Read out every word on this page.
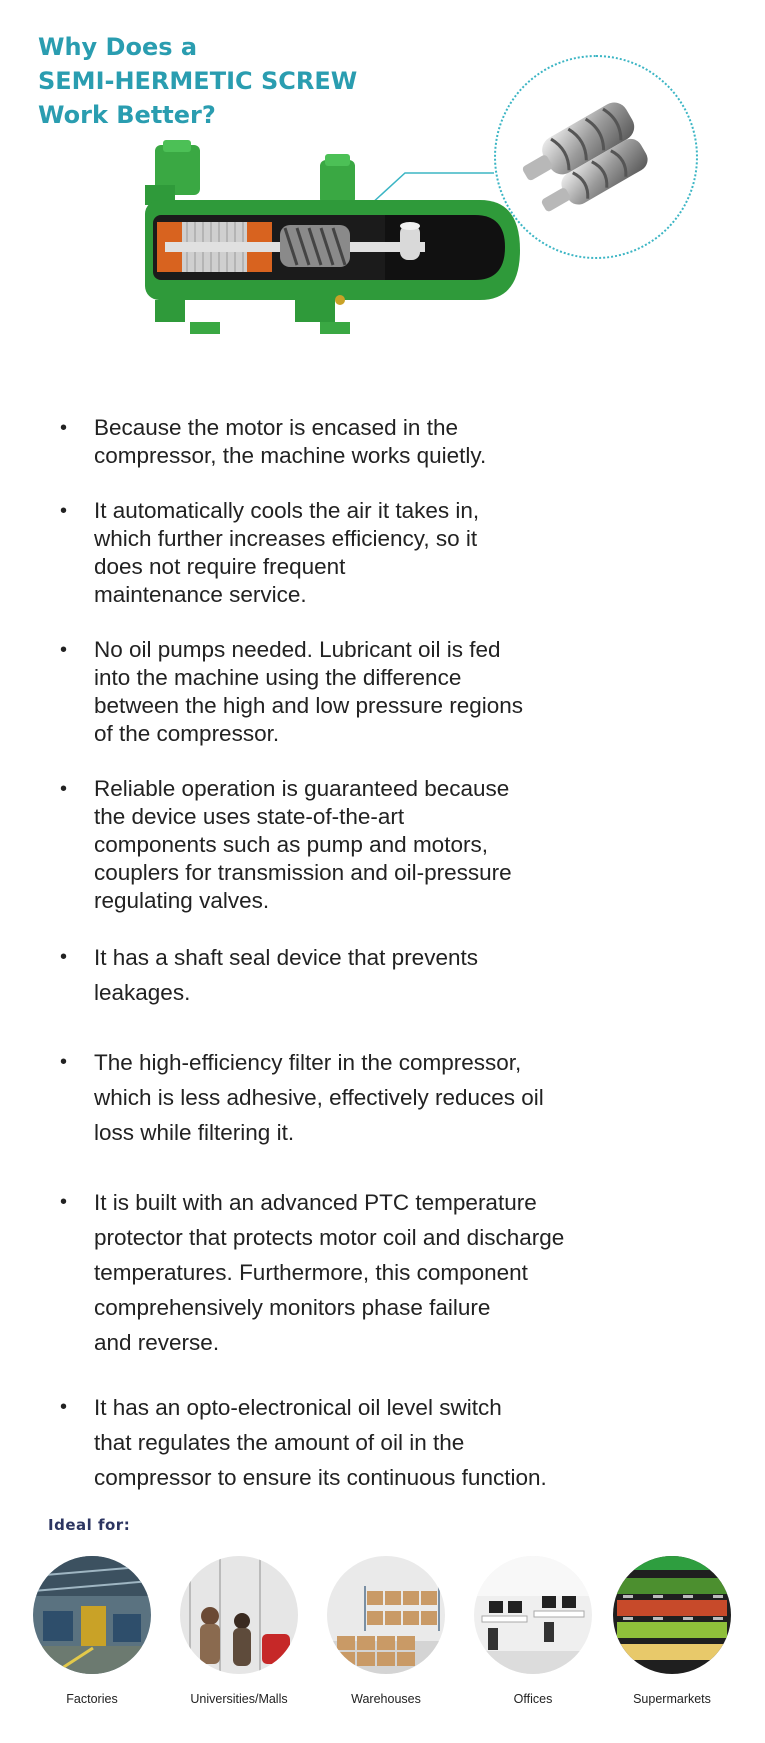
Why Does a
SEMI-HERMETIC SCREW
Work Better?
• Because the motor is encased in the
compressor, the machine works quietly.
• It automatically cools the air it takes in,
which further increases efficiency, so it
does not require frequent
maintenance service.
• No oil pumps needed. Lubricant oil is fed
into the machine using the difference
between the high and low pressure regions
of the compressor.
• Reliable operation is guaranteed because
the device uses state-of-the-art
components such as pump and motors,
couplers for transmission and oil-pressure
regulating valves.
• It has a shaft seal device that prevents
leakages.
• The high-efficiency filter in the compressor,
which is less adhesive, effectively reduces oil
loss while filtering it.
• It is built with an advanced PTC temperature
protector that protects motor coil and discharge
temperatures. Furthermore, this component
comprehensively monitors phase failure
and reverse.
• It has an opto-electronical oil level switch
that regulates the amount of oil in the
compressor to ensure its continuous function.
Ideal for:
Factories	Universities/Malls	Warehouses	Offices	Supermarkets
